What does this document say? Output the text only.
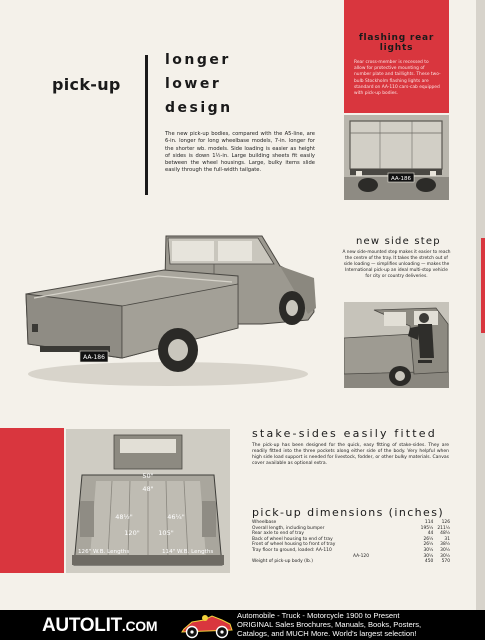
pick-up
longer
lower
design
The new pick-up bodies, compared with the A5-line, are 6-in. longer for long wheelbase models, 7-in. longer for the shorter wb. models. Side loading is easier as height of sides is down 1½-in. Large building sheets fit easily between the wheel housings. Large, bulky items slide easily through the full-width tailgate.
flashing rear lights
Rear cross-member is recessed to allow for protective mounting of number plate and taillights. These two-bulb Stockholm flashing lights are standard on AA-110 cars-cab equipped with pick-up bodies.
AA-186
AA-186
new side step
A new side-mounted step makes it easier to reach the centre of the tray. It takes the stretch out of side loading — simplifies unloading — makes the International pick-up an ideal multi-stop vehicle for city or country deliveries.
50"
48"
48½"	46¼"
120"	105"
126" W.B. Lengths	114" W.B. Lengths
stake-sides easily fitted
The pick-up has been designed for the quick, easy fitting of stake-sides. They are readily fitted into the three pockets along either side of the body. Very helpful when high side load support is needed for livestock, fodder, or other bulky materials. Canvas cover available as optional extra.
pick-up dimensions (inches)
Wheelbase	114	126
Overall length, including bumper	195½	211½
Rear axle to end of tray	44	48½
Back of wheel housing to end of tray	26½	31
Front of wheel housing to front of tray	26½	38½
Tray floor to ground, loaded: AA-110	30½	30½
AA-120	30½	30½
Weight of pick-up body (lb.)	450	570
AUTOLIT.COM
Automobile - Truck - Motorcycle 1900 to Present
ORIGINAL Sales Brochures, Manuals, Books, Posters,
Catalogs, and MUCH More. World's largest selection!
